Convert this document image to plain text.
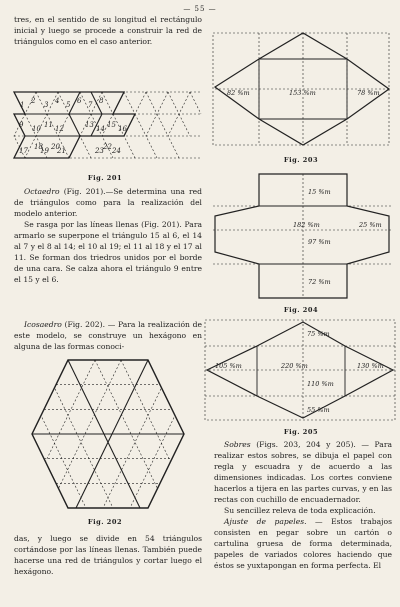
— 55 —

tres, en el sentido de su longitud el rectángulo inicial y luego se procede a construir la red de triángulos como en el caso anterior.

1 2 3 4 5 6 7 8
9 10 11 12	13 14 15 16
17 18
19 20
21	22
23 24
Fig. 201

Octaedro (Fig. 201).—Se determina una red de triángulos como para la realización del modelo anterior.

Se rasga por las líneas llenas (Fig. 201). Para armarlo se superpone el triángulo 15 al 6, el 14 al 7 y el 8 al 14; el 10 al 19; el 11 al 18 y el 17 al 11. Se forman dos triedros unidos por el borde de una cara. Se calza ahora el triángulo 9 entre el 15 y el 6.

Icosaedro (Fig. 202). — Para la realización de este modelo, se construye un hexágono en alguna de las formas conoci-

Fig. 202

das, y luego se divide en 54 triángulos cortándose por las líneas llenas. También puede hacerse una red de triángulos y cortar luego el hexágono.

82 %m	153 %m	78 %m
Fig. 203
15 %m
182 %m	25 %m
97 %m
72 %m
Fig. 204
105 %m	220 %m	130 %m
75 %m
110 %m
55 %m
Fig. 205

Sobres (Figs. 203, 204 y 205). — Para realizar estos sobres, se dibuja el papel con regla y escuadra y de acuerdo a las dimensiones indicadas. Los cortes conviene hacerlos a tijera en las partes curvas, y en las rectas con cuchillo de encuadernador.

Su sencillez releva de toda explicación.

Ajuste de papeles. — Estos trabajos consisten en pegar sobre un cartón o cartulina gruesa de forma determinada, papeles de variados colores haciendo que éstos se yuxtapongan en forma perfecta. El
